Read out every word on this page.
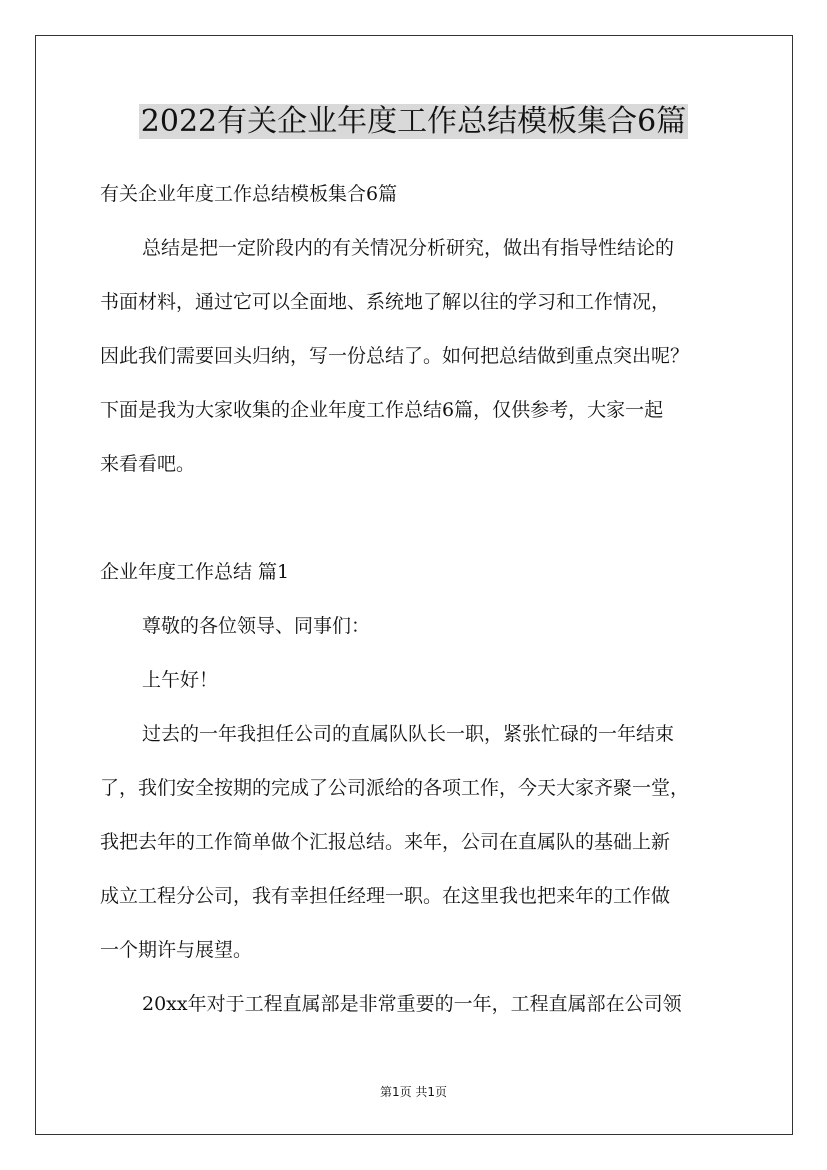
2022有关企业年度工作总结模板集合6篇
有关企业年度工作总结模板集合6篇
总结是把一定阶段内的有关情况分析研究，做出有指导性结论的
书面材料，通过它可以全面地、系统地了解以往的学习和工作情况，
因此我们需要回头归纳，写一份总结了。如何把总结做到重点突出呢？
下面是我为大家收集的企业年度工作总结6篇，仅供参考，大家一起
来看看吧。
企业年度工作总结 篇1
尊敬的各位领导、同事们：
上午好！
过去的一年我担任公司的直属队队长一职，紧张忙碌的一年结束
了，我们安全按期的完成了公司派给的各项工作，今天大家齐聚一堂，
我把去年的工作简单做个汇报总结。来年，公司在直属队的基础上新
成立工程分公司，我有幸担任经理一职。在这里我也把来年的工作做
一个期许与展望。
20xx年对于工程直属部是非常重要的一年，工程直属部在公司领
第1页 共1页
